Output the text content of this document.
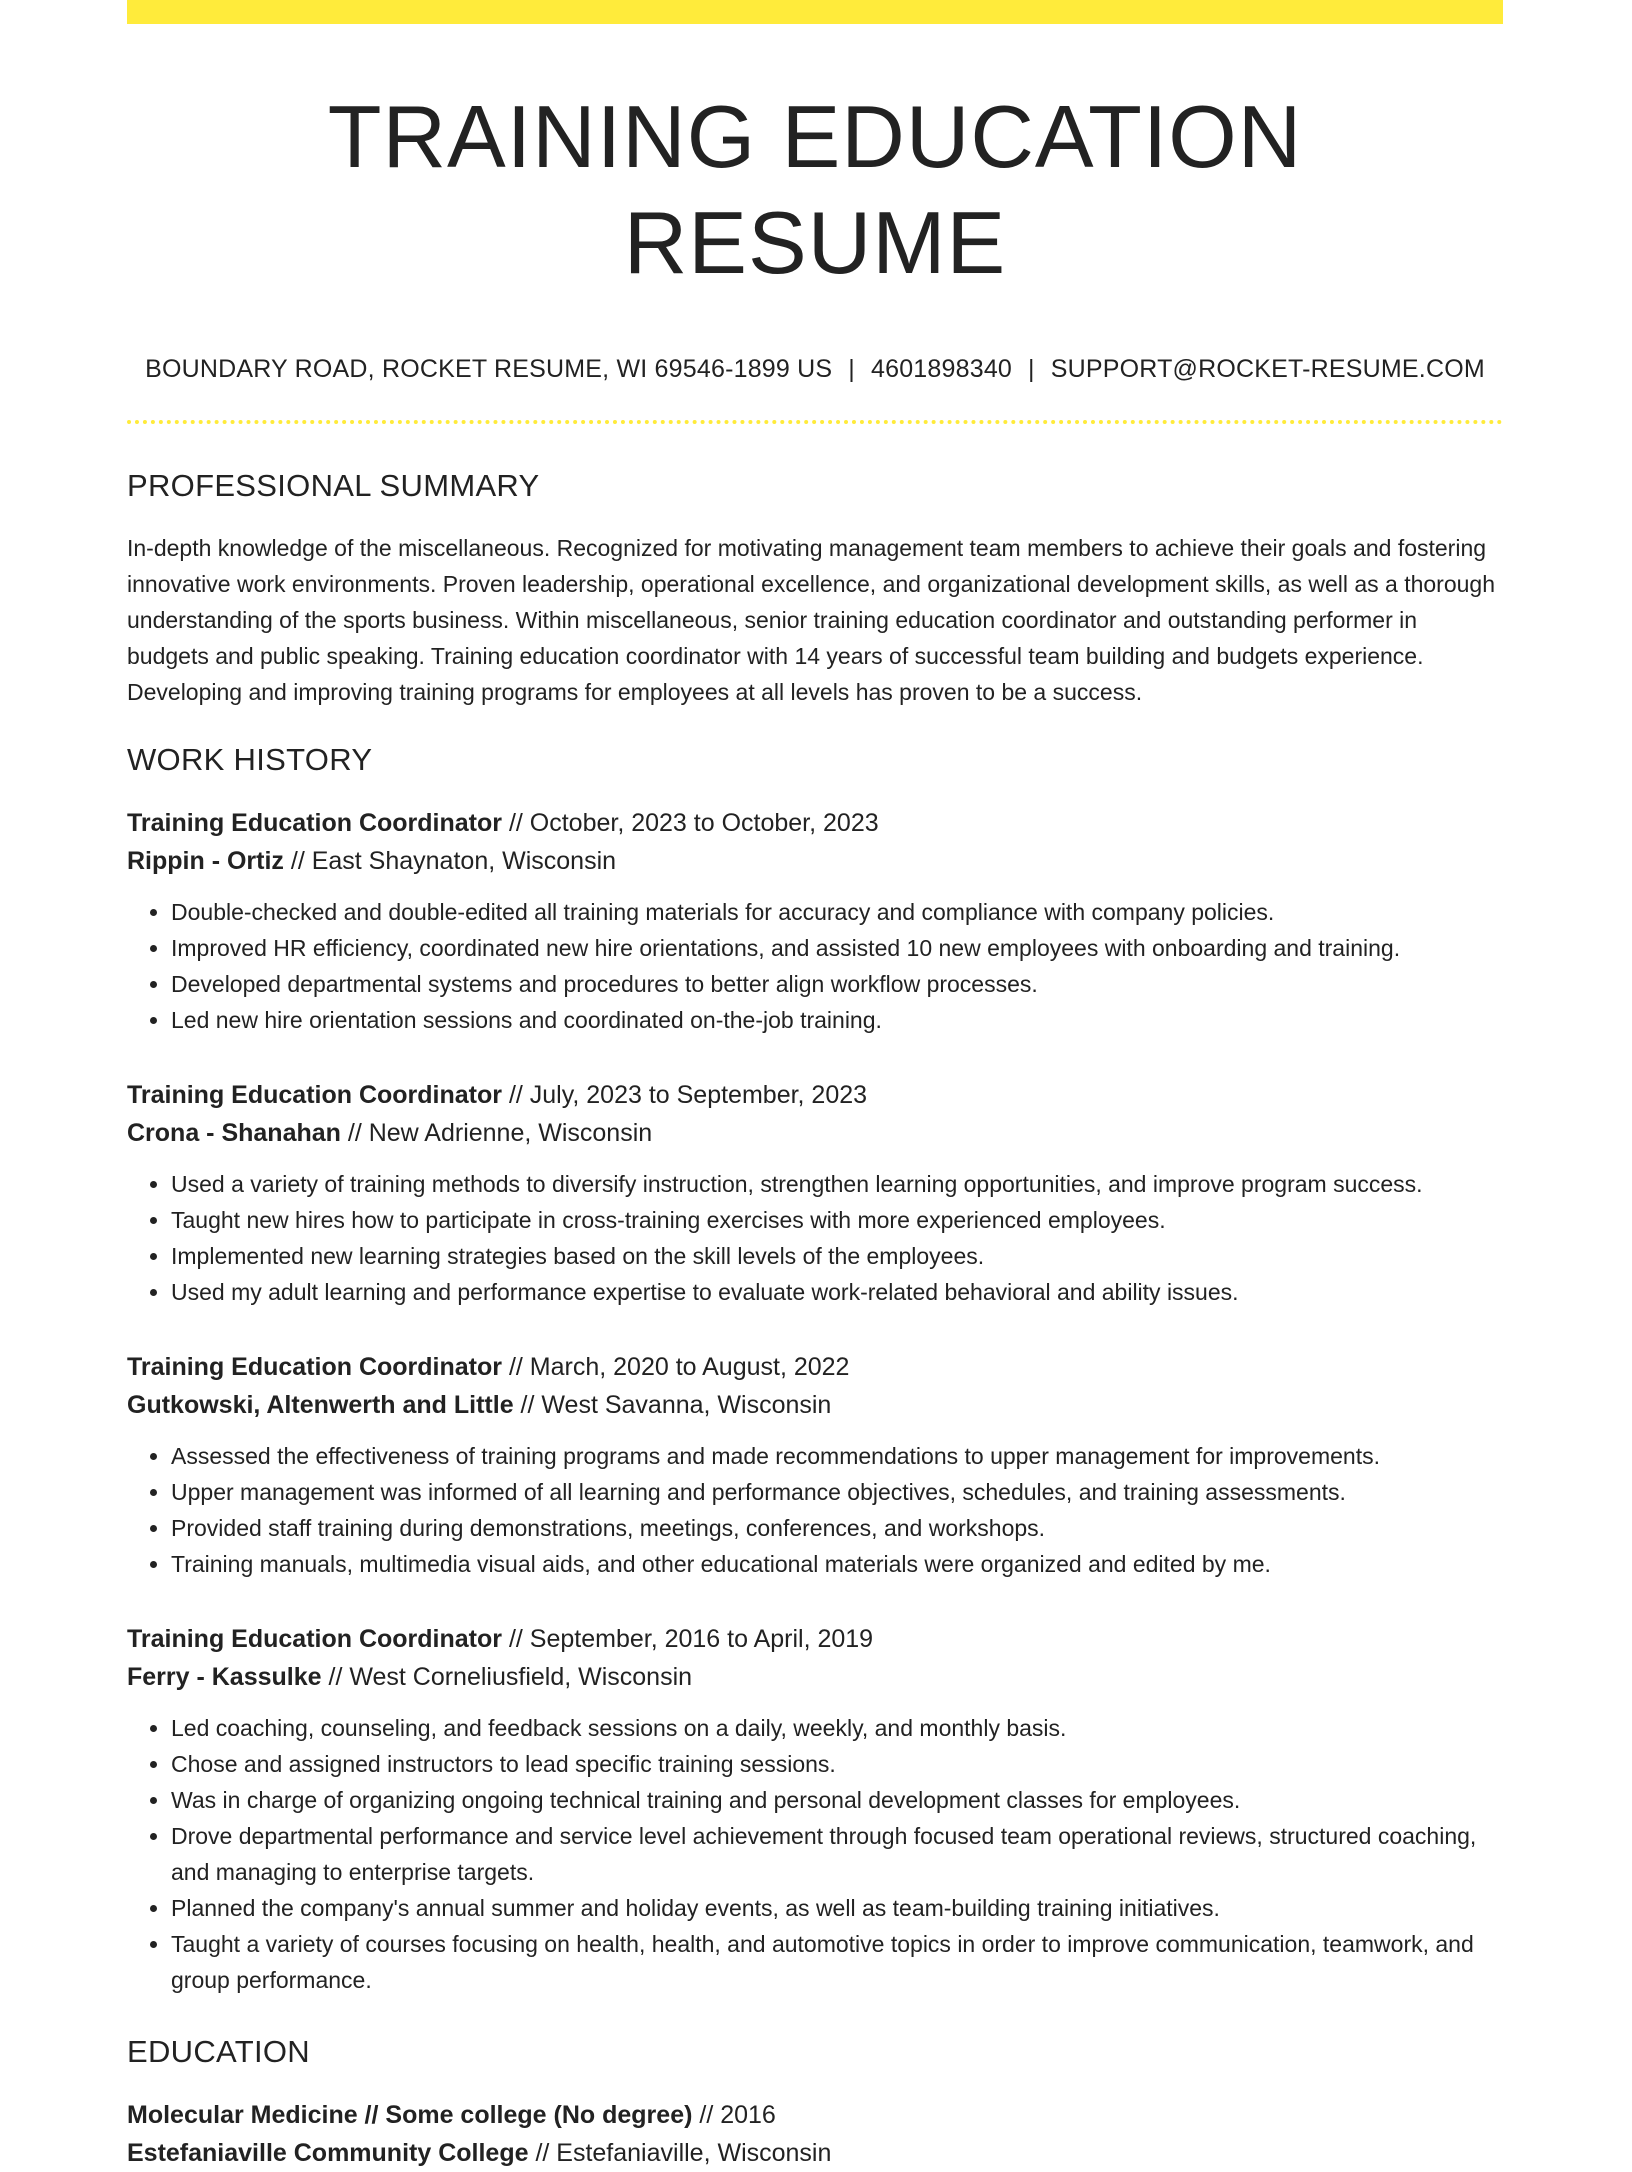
TRAINING EDUCATION RESUME
BOUNDARY ROAD, ROCKET RESUME, WI 69546-1899 US | 4601898340 | SUPPORT@ROCKET-RESUME.COM
PROFESSIONAL SUMMARY

In-depth knowledge of the miscellaneous. Recognized for motivating management team members to achieve their goals and fostering innovative work environments. Proven leadership, operational excellence, and organizational development skills, as well as a thorough understanding of the sports business. Within miscellaneous, senior training education coordinator and outstanding performer in budgets and public speaking. Training education coordinator with 14 years of successful team building and budgets experience. Developing and improving training programs for employees at all levels has proven to be a success.

WORK HISTORY
Training Education Coordinator // October, 2023 to October, 2023
Rippin - Ortiz // East Shaynaton, Wisconsin
• Double-checked and double-edited all training materials for accuracy and compliance with company policies.
• Improved HR efficiency, coordinated new hire orientations, and assisted 10 new employees with onboarding and training.
• Developed departmental systems and procedures to better align workflow processes.
• Led new hire orientation sessions and coordinated on-the-job training.
Training Education Coordinator // July, 2023 to September, 2023
Crona - Shanahan // New Adrienne, Wisconsin
• Used a variety of training methods to diversify instruction, strengthen learning opportunities, and improve program success.
• Taught new hires how to participate in cross-training exercises with more experienced employees.
• Implemented new learning strategies based on the skill levels of the employees.
• Used my adult learning and performance expertise to evaluate work-related behavioral and ability issues.
Training Education Coordinator // March, 2020 to August, 2022
Gutkowski, Altenwerth and Little // West Savanna, Wisconsin
• Assessed the effectiveness of training programs and made recommendations to upper management for improvements.
• Upper management was informed of all learning and performance objectives, schedules, and training assessments.
• Provided staff training during demonstrations, meetings, conferences, and workshops.
• Training manuals, multimedia visual aids, and other educational materials were organized and edited by me.
Training Education Coordinator // September, 2016 to April, 2019
Ferry - Kassulke // West Corneliusfield, Wisconsin
• Led coaching, counseling, and feedback sessions on a daily, weekly, and monthly basis.
• Chose and assigned instructors to lead specific training sessions.
• Was in charge of organizing ongoing technical training and personal development classes for employees.
• Drove departmental performance and service level achievement through focused team operational reviews, structured coaching, and managing to enterprise targets.
• Planned the company's annual summer and holiday events, as well as team-building training initiatives.
• Taught a variety of courses focusing on health, health, and automotive topics in order to improve communication, teamwork, and group performance.
EDUCATION
Molecular Medicine // Some college (No degree) // 2016
Estefaniaville Community College // Estefaniaville, Wisconsin
